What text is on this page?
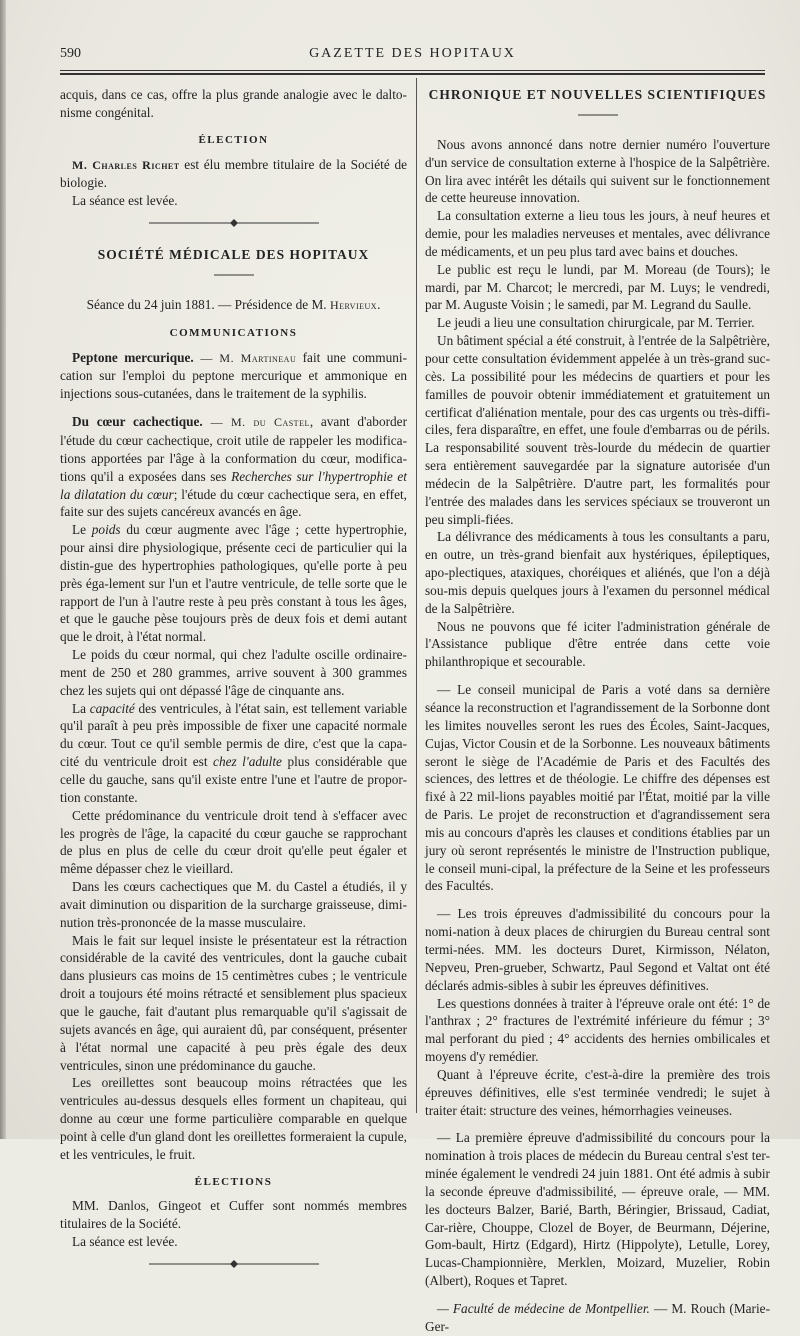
590	GAZETTE DES HOPITAUX

acquis, dans ce cas, offre la plus grande analogie avec le dalto-nisme congénital.

ÉLECTION

M. Charles Richet est élu membre titulaire de la Société de biologie.

La séance est levée.

SOCIÉTÉ MÉDICALE DES HOPITAUX

Séance du 24 juin 1881. — Présidence de M. Hervieux.

COMMUNICATIONS

Peptone mercurique. — M. Martineau fait une communi-cation sur l'emploi du peptone mercurique et ammonique en injections sous-cutanées, dans le traitement de la syphilis.

Du cœur cachectique. — M. du Castel, avant d'aborder l'étude du cœur cachectique, croit utile de rappeler les modifica-tions apportées par l'âge à la conformation du cœur, modifica-tions qu'il a exposées dans ses Recherches sur l'hypertrophie et la dilatation du cœur; l'étude du cœur cachectique sera, en effet, faite sur des sujets cancéreux avancés en âge.

Le poids du cœur augmente avec l'âge ; cette hypertrophie, pour ainsi dire physiologique, présente ceci de particulier qui la distin-gue des hypertrophies pathologiques, qu'elle porte à peu près éga-lement sur l'un et l'autre ventricule, de telle sorte que le rapport de l'un à l'autre reste à peu près constant à tous les âges, et que le gauche pèse toujours près de deux fois et demi autant que le droit, à l'état normal.

Le poids du cœur normal, qui chez l'adulte oscille ordinaire-ment de 250 et 280 grammes, arrive souvent à 300 grammes chez les sujets qui ont dépassé l'âge de cinquante ans.

La capacité des ventricules, à l'état sain, est tellement variable qu'il paraît à peu près impossible de fixer une capacité normale du cœur. Tout ce qu'il semble permis de dire, c'est que la capa-cité du ventricule droit est chez l'adulte plus considérable que celle du gauche, sans qu'il existe entre l'une et l'autre de propor-tion constante.

Cette prédominance du ventricule droit tend à s'effacer avec les progrès de l'âge, la capacité du cœur gauche se rapprochant de plus en plus de celle du cœur droit qu'elle peut égaler et même dépasser chez le vieillard.

Dans les cœurs cachectiques que M. du Castel a étudiés, il y avait diminution ou disparition de la surcharge graisseuse, dimi-nution très-prononcée de la masse musculaire.

Mais le fait sur lequel insiste le présentateur est la rétraction considérable de la cavité des ventricules, dont la gauche cubait dans plusieurs cas moins de 15 centimètres cubes ; le ventricule droit a toujours été moins rétracté et sensiblement plus spacieux que le gauche, fait d'autant plus remarquable qu'il s'agissait de sujets avancés en âge, qui auraient dû, par conséquent, présenter à l'état normal une capacité à peu près égale des deux ventricules, sinon une prédominance du gauche.

Les oreillettes sont beaucoup moins rétractées que les ventricules au-dessus desquels elles forment un chapiteau, qui donne au cœur une forme particulière comparable en quelque point à celle d'un gland dont les oreillettes formeraient la cupule, et les ventricules, le fruit.

ÉLECTIONS

MM. Danlos, Gingeot et Cuffer sont nommés membres titulaires de la Société.

La séance est levée.

CHRONIQUE ET NOUVELLES SCIENTIFIQUES

Nous avons annoncé dans notre dernier numéro l'ouverture d'un service de consultation externe à l'hospice de la Salpêtrière. On lira avec intérêt les détails qui suivent sur le fonctionnement de cette heureuse innovation.

La consultation externe a lieu tous les jours, à neuf heures et demie, pour les maladies nerveuses et mentales, avec délivrance de médicaments, et un peu plus tard avec bains et douches.

Le public est reçu le lundi, par M. Moreau (de Tours); le mardi, par M. Charcot; le mercredi, par M. Luys; le vendredi, par M. Auguste Voisin ; le samedi, par M. Legrand du Saulle.

Le jeudi a lieu une consultation chirurgicale, par M. Terrier.

Un bâtiment spécial a été construit, à l'entrée de la Salpêtrière, pour cette consultation évidemment appelée à un très-grand suc-cès. La possibilité pour les médecins de quartiers et pour les familles de pouvoir obtenir immédiatement et gratuitement un certificat d'aliénation mentale, pour des cas urgents ou très-diffi-ciles, fera disparaître, en effet, une foule d'embarras ou de périls. La responsabilité souvent très-lourde du médecin de quartier sera entièrement sauvegardée par la signature autorisée d'un médecin de la Salpêtrière. D'autre part, les formalités pour l'entrée des malades dans les services spéciaux se trouveront un peu simpli-fiées.

La délivrance des médicaments à tous les consultants a paru, en outre, un très-grand bienfait aux hystériques, épileptiques, apo-plectiques, ataxiques, choréiques et aliénés, que l'on a déjà sou-mis depuis quelques jours à l'examen du personnel médical de la Salpêtrière.

Nous ne pouvons que fé iciter l'administration générale de l'Assistance publique d'être entrée dans cette voie philanthropique et secourable.

— Le conseil municipal de Paris a voté dans sa dernière séance la reconstruction et l'agrandissement de la Sorbonne dont les limites nouvelles seront les rues des Écoles, Saint-Jacques, Cujas, Victor Cousin et de la Sorbonne. Les nouveaux bâtiments seront le siège de l'Académie de Paris et des Facultés des sciences, des lettres et de théologie. Le chiffre des dépenses est fixé à 22 mil-lions payables moitié par l'État, moitié par la ville de Paris. Le projet de reconstruction et d'agrandissement sera mis au concours d'après les clauses et conditions établies par un jury où seront représentés le ministre de l'Instruction publique, le conseil muni-cipal, la préfecture de la Seine et les professeurs des Facultés.

— Les trois épreuves d'admissibilité du concours pour la nomi-nation à deux places de chirurgien du Bureau central sont termi-nées. MM. les docteurs Duret, Kirmisson, Nélaton, Nepveu, Pren-grueber, Schwartz, Paul Segond et Valtat ont été déclarés admis-sibles à subir les épreuves définitives.

Les questions données à traiter à l'épreuve orale ont été: 1° de l'anthrax ; 2° fractures de l'extrémité inférieure du fémur ; 3° mal perforant du pied ; 4° accidents des hernies ombilicales et moyens d'y remédier.

Quant à l'épreuve écrite, c'est-à-dire la première des trois épreuves définitives, elle s'est terminée vendredi; le sujet à traiter était: structure des veines, hémorrhagies veineuses.

— La première épreuve d'admissibilité du concours pour la nomination à trois places de médecin du Bureau central s'est ter-minée également le vendredi 24 juin 1881. Ont été admis à subir la seconde épreuve d'admissibilité, — épreuve orale, — MM. les docteurs Balzer, Barié, Barth, Béringier, Brissaud, Cadiat, Car-rière, Chouppe, Clozel de Boyer, de Beurmann, Déjerine, Gom-bault, Hirtz (Edgard), Hirtz (Hippolyte), Letulle, Lorey, Lucas-Championnière, Merklen, Moizard, Muzelier, Robin (Albert), Roques et Tapret.

— Faculté de médecine de Montpellier. — M. Rouch (Marie-Ger-
